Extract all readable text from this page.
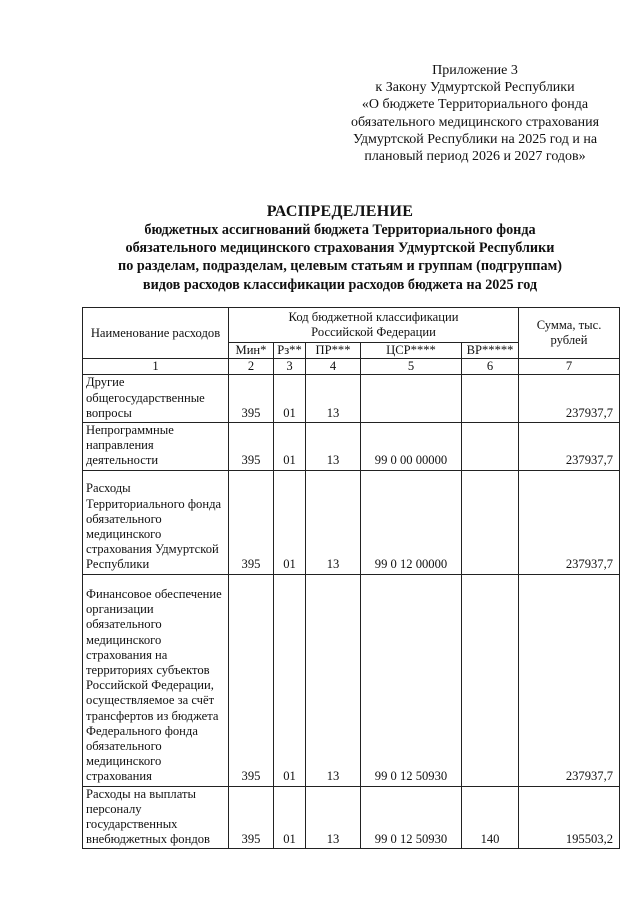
Приложение 3
к Закону Удмуртской Республики
«О бюджете Территориального фонда
обязательного медицинского страхования
Удмуртской Республики на 2025 год и на
плановый период 2026 и 2027 годов»
РАСПРЕДЕЛЕНИЕ
бюджетных ассигнований бюджета Территориального фонда
обязательного медицинского страхования Удмуртской Республики
по разделам, подразделам, целевым статьям и группам (подгруппам)
видов расходов классификации расходов бюджета на 2025 год
Наименование расходов	Код бюджетной классификации Российской Федерации					Сумма, тыс. рублей
	Мин*	Рз**	ПР***	ЦСР****	ВР*****	
1	2	3	4	5	6	7
Другие общегосударственные вопросы	395	01	13			237937,7
Непрограммные направления деятельности	395	01	13	99 0 00 00000		237937,7
Расходы Территориального фонда обязательного медицинского страхования Удмуртской Республики	395	01	13	99 0 12 00000		237937,7
Финансовое обеспечение организации обязательного медицинского страхования на территориях субъектов Российской Федерации, осуществляемое за счёт трансфертов из бюджета Федерального фонда обязательного медицинского страхования	395	01	13	99 0 12 50930		237937,7
Расходы на выплаты персоналу государственных внебюджетных фондов	395	01	13	99 0 12 50930	140	195503,2
